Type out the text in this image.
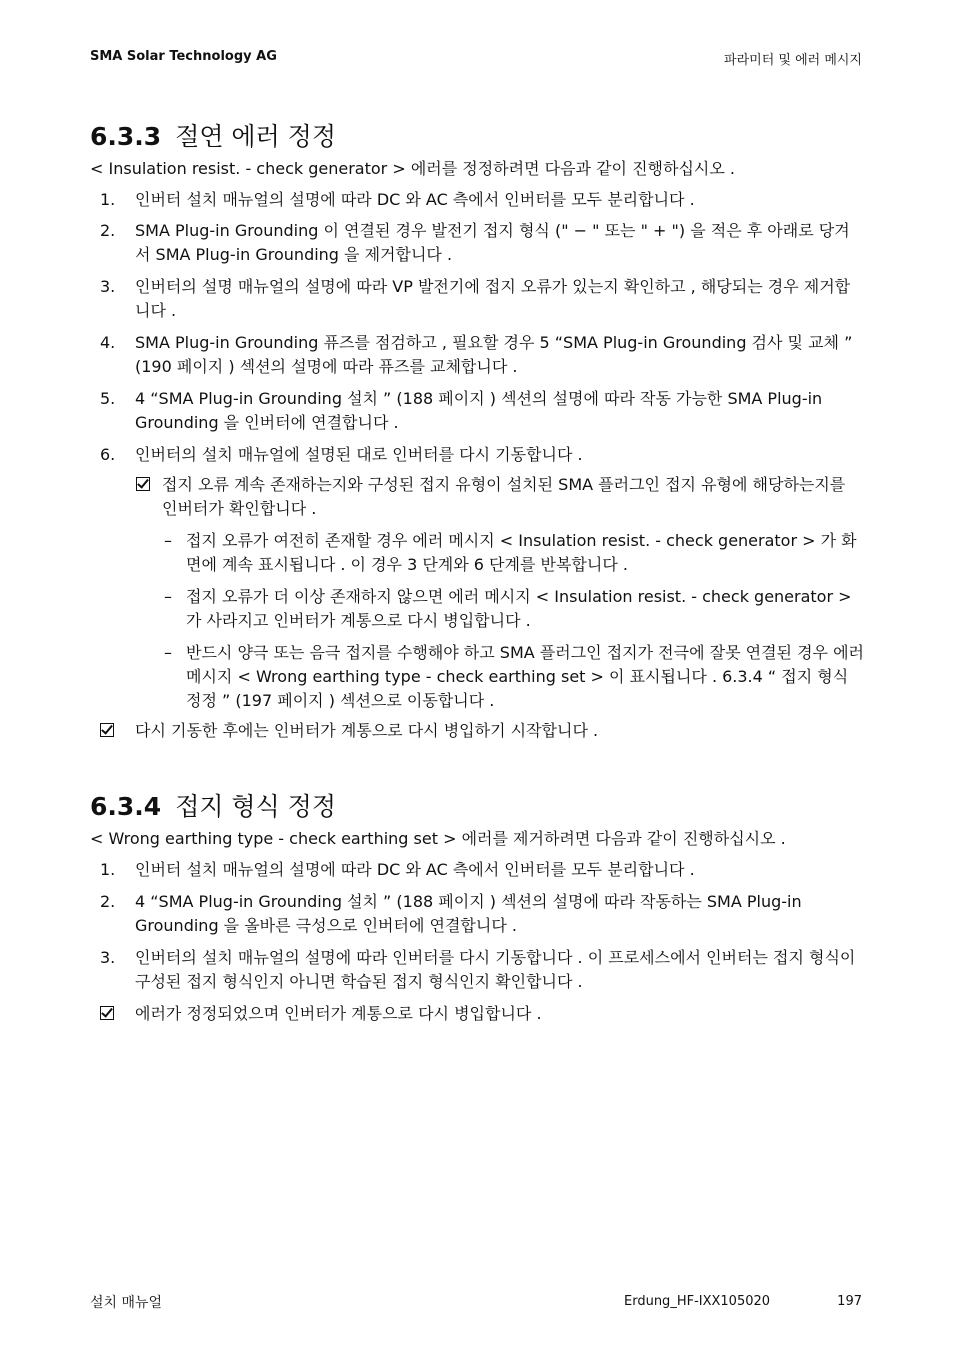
SMA Solar Technology AG	파라미터 및 에러 메시지
6.3.3 절연 에러 정정
< Insulation resist. - check generator > 에러를 정정하려면 다음과 같이 진행하십시오 .
1. 인버터 설치 매뉴얼의 설명에 따라 DC 와 AC 측에서 인버터를 모두 분리합니다 .
2. SMA Plug-in Grounding 이 연결된 경우 발전기 접지 형식 (" − " 또는 " + ") 을 적은 후 아래로 당겨서 SMA Plug-in Grounding 을 제거합니다 .
3. 인버터의 설명 매뉴얼의 설명에 따라 VP 발전기에 접지 오류가 있는지 확인하고 , 해당되는 경우 제거합니다 .
4. SMA Plug-in Grounding 퓨즈를 점검하고 , 필요할 경우 5 “SMA Plug-in Grounding 검사 및 교체 ” (190 페이지 ) 섹션의 설명에 따라 퓨즈를 교체합니다 .
5. 4 “SMA Plug-in Grounding 설치 ” (188 페이지 ) 섹션의 설명에 따라 작동 가능한 SMA Plug-in Grounding 을 인버터에 연결합니다 .
6. 인버터의 설치 매뉴얼에 설명된 대로 인버터를 다시 기동합니다 .
접지 오류 계속 존재하는지와 구성된 접지 유형이 설치된 SMA 플러그인 접지 유형에 해당하는지를 인버터가 확인합니다 .
– 접지 오류가 여전히 존재할 경우 에러 메시지 < Insulation resist. - check generator > 가 화면에 계속 표시됩니다 . 이 경우 3 단계와 6 단계를 반복합니다 .
– 접지 오류가 더 이상 존재하지 않으면 에러 메시지 < Insulation resist. - check generator > 가 사라지고 인버터가 계통으로 다시 병입합니다 .
– 반드시 양극 또는 음극 접지를 수행해야 하고 SMA 플러그인 접지가 전극에 잘못 연결된 경우 에러 메시지 < Wrong earthing type - check earthing set > 이 표시됩니다 . 6.3.4 “ 접지 형식 정정 ” (197 페이지 ) 섹션으로 이동합니다 .
다시 기동한 후에는 인버터가 계통으로 다시 병입하기 시작합니다 .
6.3.4 접지 형식 정정
< Wrong earthing type - check earthing set > 에러를 제거하려면 다음과 같이 진행하십시오 .
1. 인버터 설치 매뉴얼의 설명에 따라 DC 와 AC 측에서 인버터를 모두 분리합니다 .
2. 4 “SMA Plug-in Grounding 설치 ” (188 페이지 ) 섹션의 설명에 따라 작동하는 SMA Plug-in Grounding 을 올바른 극성으로 인버터에 연결합니다 .
3. 인버터의 설치 매뉴얼의 설명에 따라 인버터를 다시 기동합니다 . 이 프로세스에서 인버터는 접지 형식이 구성된 접지 형식인지 아니면 학습된 접지 형식인지 확인합니다 .
에러가 정정되었으며 인버터가 계통으로 다시 병입합니다 .
설치 매뉴얼	Erdung_HF-IXX105020	197
